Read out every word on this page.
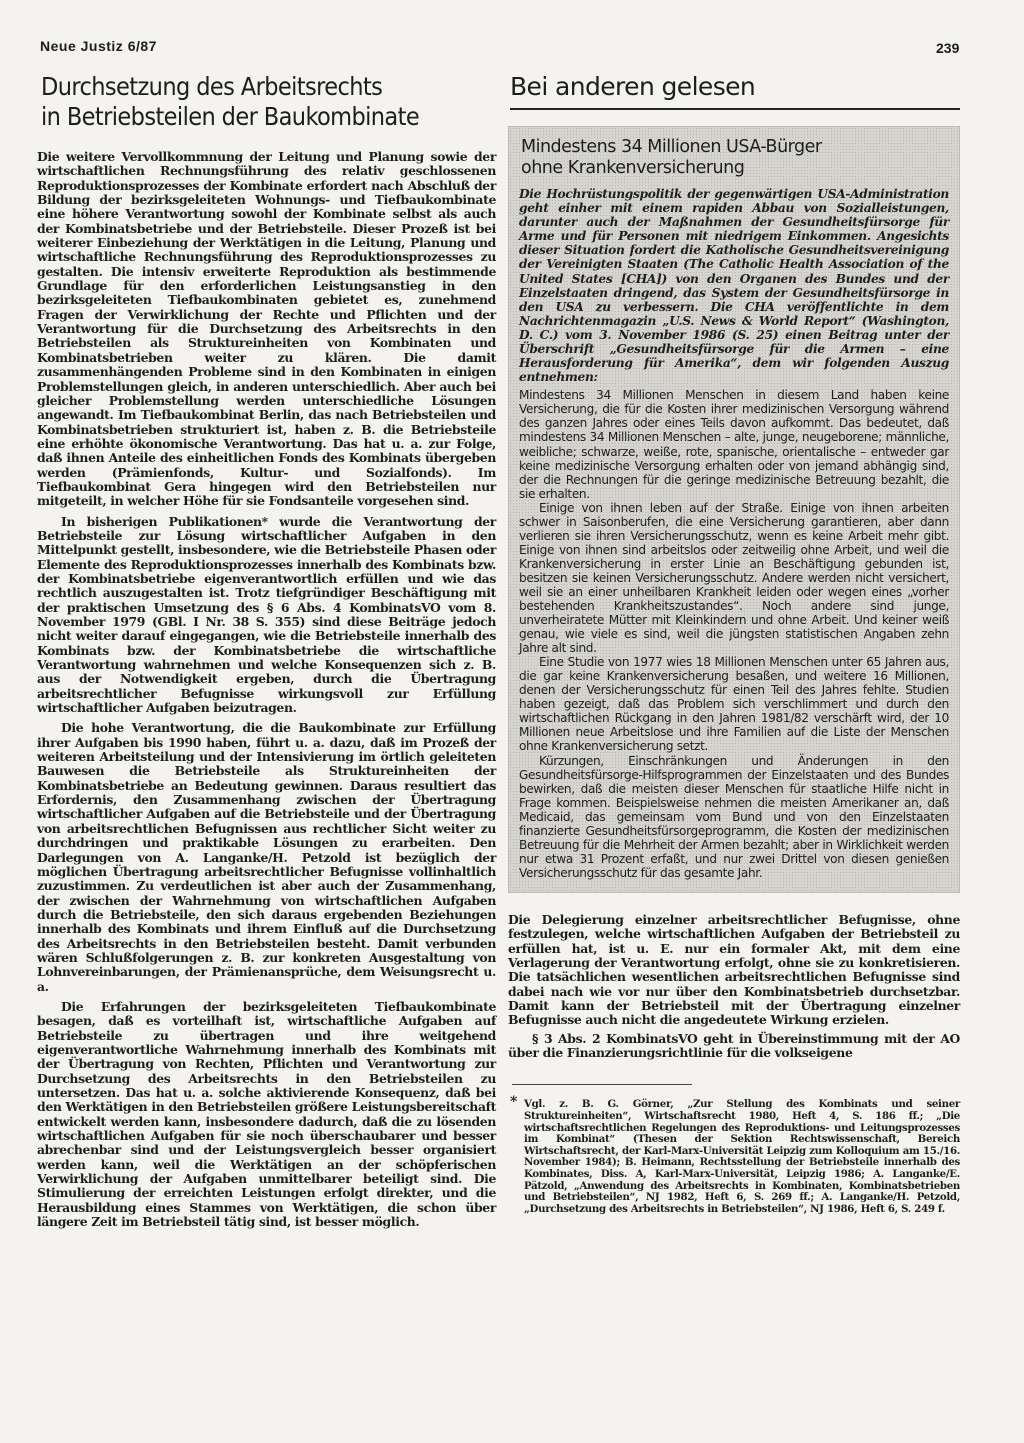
Neue Justiz 6/87	239
Durchsetzung des Arbeitsrechts
in Betriebsteilen der Baukombinate

Die weitere Vervollkommnung der Leitung und Planung sowie der wirtschaftlichen Rechnungsführung des relativ geschlossenen Reproduktionsprozesses der Kombinate erfordert nach Abschluß der Bildung der bezirksgeleiteten Wohnungs- und Tiefbaukombinate eine höhere Verantwortung sowohl der Kombinate selbst als auch der Kombinatsbetriebe und der Betriebsteile. Dieser Prozeß ist bei weiterer Einbeziehung der Werktätigen in die Leitung, Planung und wirtschaftliche Rechnungsführung des Reproduktionsprozesses zu gestalten. Die intensiv erweiterte Reproduktion als bestimmende Grundlage für den erforderlichen Leistungsanstieg in den bezirksgeleiteten Tiefbaukombinaten gebietet es, zunehmend Fragen der Verwirklichung der Rechte und Pflichten und der Verantwortung für die Durchsetzung des Arbeitsrechts in den Betriebsteilen als Struktureinheiten von Kombinaten und Kombinatsbetrieben weiter zu klären. Die damit zusammenhängenden Probleme sind in den Kombinaten in einigen Problemstellungen gleich, in anderen unterschiedlich. Aber auch bei gleicher Problemstellung werden unterschiedliche Lösungen angewandt. Im Tiefbaukombinat Berlin, das nach Betriebsteilen und Kombinatsbetrieben strukturiert ist, haben z. B. die Betriebsteile eine erhöhte ökonomische Verantwortung. Das hat u. a. zur Folge, daß ihnen Anteile des einheitlichen Fonds des Kombinats übergeben werden (Prämienfonds, Kultur- und Sozialfonds). Im Tiefbaukombinat Gera hingegen wird den Betriebsteilen nur mitgeteilt, in welcher Höhe für sie Fondsanteile vorgesehen sind.

In bisherigen Publikationen* wurde die Verantwortung der Betriebsteile zur Lösung wirtschaftlicher Aufgaben in den Mittelpunkt gestellt, insbesondere, wie die Betriebsteile Phasen oder Elemente des Reproduktionsprozesses innerhalb des Kombinats bzw. der Kombinatsbetriebe eigenverantwortlich erfüllen und wie das rechtlich auszugestalten ist. Trotz tiefgründiger Beschäftigung mit der praktischen Umsetzung des § 6 Abs. 4 KombinatsVO vom 8. November 1979 (GBl. I Nr. 38 S. 355) sind diese Beiträge jedoch nicht weiter darauf eingegangen, wie die Betriebsteile innerhalb des Kombinats bzw. der Kombinatsbetriebe die wirtschaftliche Verantwortung wahrnehmen und welche Konsequenzen sich z. B. aus der Notwendigkeit ergeben, durch die Übertragung arbeitsrechtlicher Befugnisse wirkungsvoll zur Erfüllung wirtschaftlicher Aufgaben beizutragen.

Die hohe Verantwortung, die die Baukombinate zur Erfüllung ihrer Aufgaben bis 1990 haben, führt u. a. dazu, daß im Prozeß der weiteren Arbeitsteilung und der Intensivierung im örtlich geleiteten Bauwesen die Betriebsteile als Struktureinheiten der Kombinatsbetriebe an Bedeutung gewinnen. Daraus resultiert das Erfordernis, den Zusammenhang zwischen der Übertragung wirtschaftlicher Aufgaben auf die Betriebsteile und der Übertragung von arbeitsrechtlichen Befugnissen aus rechtlicher Sicht weiter zu durchdringen und praktikable Lösungen zu erarbeiten. Den Darlegungen von A. Langanke/H. Petzold ist bezüglich der möglichen Übertragung arbeitsrechtlicher Befugnisse vollinhaltlich zuzustimmen. Zu verdeutlichen ist aber auch der Zusammenhang, der zwischen der Wahrnehmung von wirtschaftlichen Aufgaben durch die Betriebsteile, den sich daraus ergebenden Beziehungen innerhalb des Kombinats und ihrem Einfluß auf die Durchsetzung des Arbeitsrechts in den Betriebsteilen besteht. Damit verbunden wären Schlußfolgerungen z. B. zur konkreten Ausgestaltung von Lohnvereinbarungen, der Prämienansprüche, dem Weisungsrecht u. a.

Die Erfahrungen der bezirksgeleiteten Tiefbaukombinate besagen, daß es vorteilhaft ist, wirtschaftliche Aufgaben auf Betriebsteile zu übertragen und ihre weitgehend eigenverantwortliche Wahrnehmung innerhalb des Kombinats mit der Übertragung von Rechten, Pflichten und Verantwortung zur Durchsetzung des Arbeitsrechts in den Betriebsteilen zu untersetzen. Das hat u. a. solche aktivierende Konsequenz, daß bei den Werktätigen in den Betriebsteilen größere Leistungsbereitschaft entwickelt werden kann, insbesondere dadurch, daß die zu lösenden wirtschaftlichen Aufgaben für sie noch überschaubarer und besser abrechenbar sind und der Leistungsvergleich besser organisiert werden kann, weil die Werktätigen an der schöpferischen Verwirklichung der Aufgaben unmittelbarer beteiligt sind. Die Stimulierung der erreichten Leistungen erfolgt direkter, und die Herausbildung eines Stammes von Werktätigen, die schon über längere Zeit im Betriebsteil tätig sind, ist besser möglich.

Bei anderen gelesen
Mindestens 34 Millionen USA-Bürger
ohne Krankenversicherung
Die Hochrüstungspolitik der gegenwärtigen USA-Administration geht einher mit einem rapiden Abbau von Sozialleistungen, darunter auch der Maßnahmen der Gesundheitsfürsorge für Arme und für Personen mit niedrigem Einkommen. Angesichts dieser Situation fordert die Katholische Gesundheitsvereinigung der Vereinigten Staaten (The Catholic Health Association of the United States [CHA]) von den Organen des Bundes und der Einzelstaaten dringend, das System der Gesundheitsfürsorge in den USA zu verbessern. Die CHA veröffentlichte in dem Nachrichtenmagazin „U.S. News & World Report“ (Washington, D. C.) vom 3. November 1986 (S. 25) einen Beitrag unter der Überschrift „Gesundheitsfürsorge für die Armen – eine Herausforderung für Amerika“, dem wir folgenden Auszug entnehmen:

Mindestens 34 Millionen Menschen in diesem Land haben keine Versicherung, die für die Kosten ihrer medizinischen Versorgung während des ganzen Jahres oder eines Teils davon aufkommt. Das bedeutet, daß mindestens 34 Millionen Menschen – alte, junge, neugeborene; männliche, weibliche; schwarze, weiße, rote, spanische, orientalische – entweder gar keine medizinische Versorgung erhalten oder von jemand abhängig sind, der die Rechnungen für die geringe medizinische Betreuung bezahlt, die sie erhalten.

Einige von ihnen leben auf der Straße. Einige von ihnen arbeiten schwer in Saisonberufen, die eine Versicherung garantieren, aber dann verlieren sie ihren Versicherungsschutz, wenn es keine Arbeit mehr gibt. Einige von ihnen sind arbeitslos oder zeitweilig ohne Arbeit, und weil die Krankenversicherung in erster Linie an Beschäftigung gebunden ist, besitzen sie keinen Versicherungsschutz. Andere werden nicht versichert, weil sie an einer unheilbaren Krankheit leiden oder wegen eines „vorher bestehenden Krankheitszustandes“. Noch andere sind junge, unverheiratete Mütter mit Kleinkindern und ohne Arbeit. Und keiner weiß genau, wie viele es sind, weil die jüngsten statistischen Angaben zehn Jahre alt sind.

Eine Studie von 1977 wies 18 Millionen Menschen unter 65 Jahren aus, die gar keine Krankenversicherung besaßen, und weitere 16 Millionen, denen der Versicherungsschutz für einen Teil des Jahres fehlte. Studien haben gezeigt, daß das Problem sich verschlimmert und durch den wirtschaftlichen Rückgang in den Jahren 1981/82 verschärft wird, der 10 Millionen neue Arbeitslose und ihre Familien auf die Liste der Menschen ohne Krankenversicherung setzt.

Kürzungen, Einschränkungen und Änderungen in den Gesundheitsfürsorge-Hilfsprogrammen der Einzelstaaten und des Bundes bewirken, daß die meisten dieser Menschen für staatliche Hilfe nicht in Frage kommen. Beispielsweise nehmen die meisten Amerikaner an, daß Medicaid, das gemeinsam vom Bund und von den Einzelstaaten finanzierte Gesundheitsfürsorgeprogramm, die Kosten der medizinischen Betreuung für die Mehrheit der Armen bezahlt; aber in Wirklichkeit werden nur etwa 31 Prozent erfaßt, und nur zwei Drittel von diesen genießen Versicherungsschutz für das gesamte Jahr.

Die Delegierung einzelner arbeitsrechtlicher Befugnisse, ohne festzulegen, welche wirtschaftlichen Aufgaben der Betriebsteil zu erfüllen hat, ist u. E. nur ein formaler Akt, mit dem eine Verlagerung der Verantwortung erfolgt, ohne sie zu konkretisieren. Die tatsächlichen wesentlichen arbeitsrechtlichen Befugnisse sind dabei nach wie vor nur über den Kombinatsbetrieb durchsetzbar. Damit kann der Betriebsteil mit der Übertragung einzelner Befugnisse auch nicht die angedeutete Wirkung erzielen.

§ 3 Abs. 2 KombinatsVO geht in Übereinstimmung mit der AO über die Finanzierungsrichtlinie für die volkseigene

* Vgl. z. B. G. Görner, „Zur Stellung des Kombinats und seiner Struktureinheiten“, Wirtschaftsrecht 1980, Heft 4, S. 186 ff.; „Die wirtschaftsrechtlichen Regelungen des Reproduktions- und Leitungsprozesses im Kombinat“ (Thesen der Sektion Rechtswissenschaft, Bereich Wirtschaftsrecht, der Karl-Marx-Universität Leipzig zum Kolloquium am 15./16. November 1984); B. Heimann, Rechtsstellung der Betriebsteile innerhalb des Kombinates, Diss. A, Karl-Marx-Universität, Leipzig 1986; A. Langanke/E. Pätzold, „Anwendung des Arbeitsrechts in Kombinaten, Kombinatsbetrieben und Betriebsteilen“, NJ 1982, Heft 6, S. 269 ff.; A. Langanke/H. Petzold, „Durchsetzung des Arbeitsrechts in Betriebsteilen“, NJ 1986, Heft 6, S. 249 f.
